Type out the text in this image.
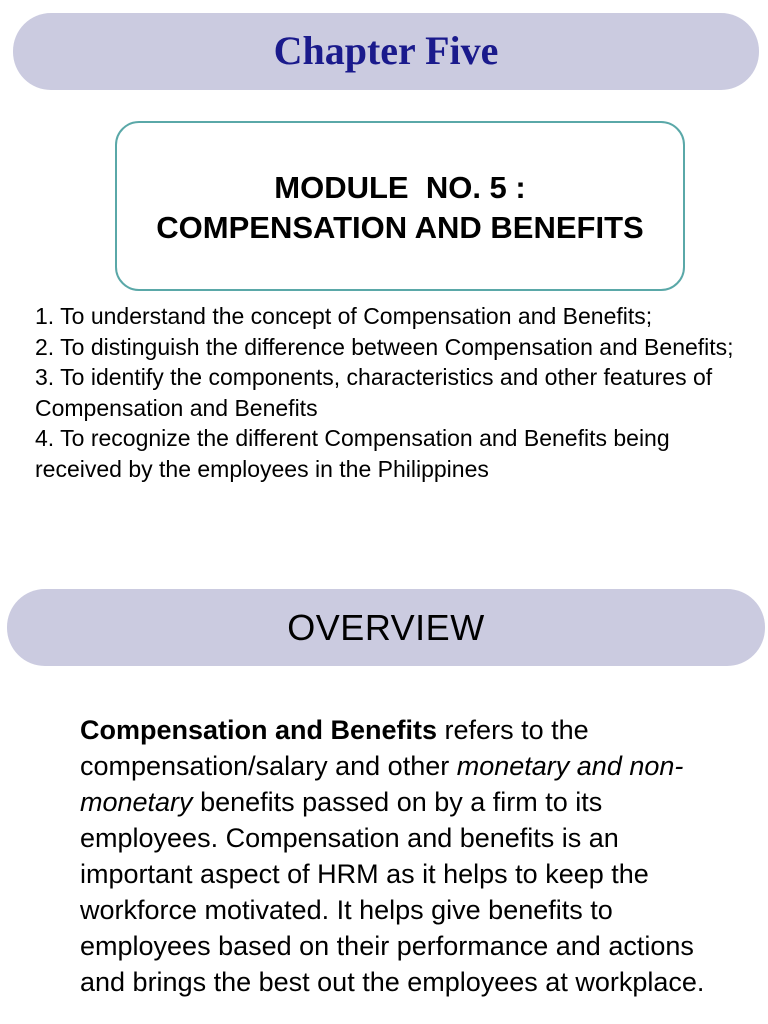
Chapter Five
MODULE  NO. 5 :
COMPENSATION AND BENEFITS

1. To understand the concept of Compensation and Benefits;

2. To distinguish the difference between Compensation and Benefits;

3. To identify the components, characteristics and other features of Compensation and Benefits

4. To recognize the different Compensation and Benefits being received by the employees in the Philippines

OVERVIEW
Compensation and Benefits refers to the compensation/salary and other monetary and non-monetary benefits passed on by a firm to its employees. Compensation and benefits is an important aspect of HRM as it helps to keep the workforce motivated. It helps give benefits to employees based on their performance and actions and brings the best out the employees at workplace.
